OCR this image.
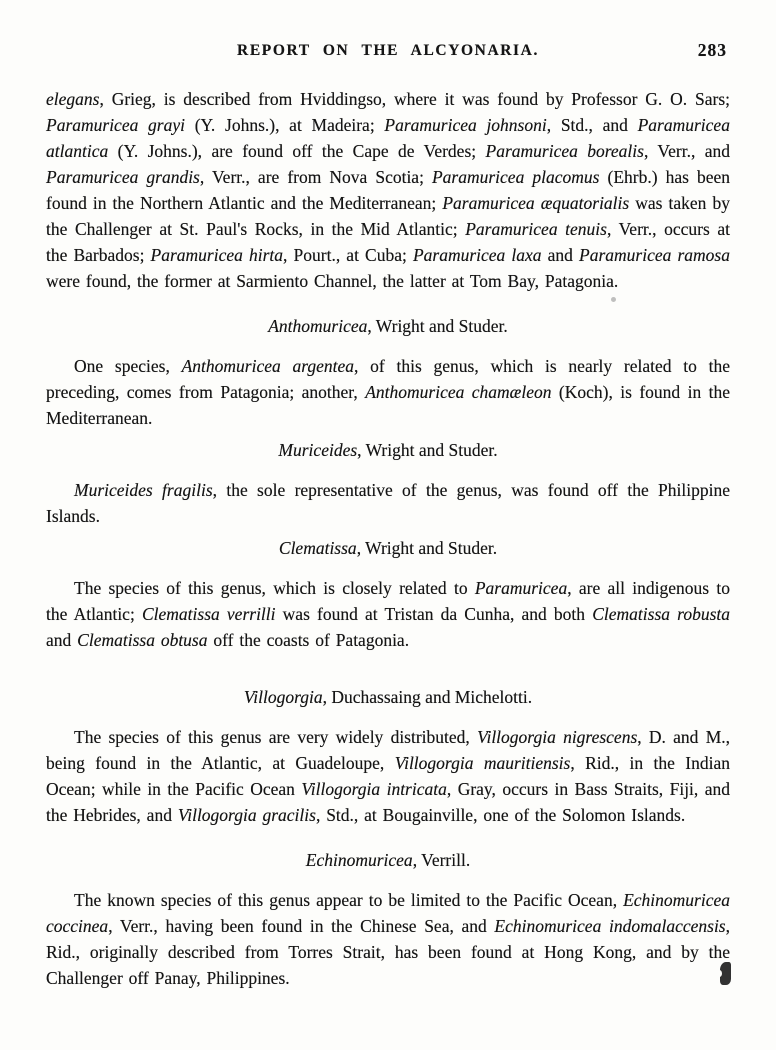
REPORT ON THE ALCYONARIA.	283

elegans, Grieg, is described from Hviddingso, where it was found by Professor G. O. Sars; Paramuricea grayi (Y. Johns.), at Madeira; Paramuricea johnsoni, Std., and Paramuricea atlantica (Y. Johns.), are found off the Cape de Verdes; Paramuricea borealis, Verr., and Paramuricea grandis, Verr., are from Nova Scotia; Paramuricea placomus (Ehrb.) has been found in the Northern Atlantic and the Mediterranean; Paramuricea æquatorialis was taken by the Challenger at St. Paul's Rocks, in the Mid Atlantic; Paramuricea tenuis, Verr., occurs at the Barbados; Paramuricea hirta, Pourt., at Cuba; Paramuricea laxa and Paramuricea ramosa were found, the former at Sarmiento Channel, the latter at Tom Bay, Patagonia.

Anthomuricea, Wright and Studer.

One species, Anthomuricea argentea, of this genus, which is nearly related to the preceding, comes from Patagonia; another, Anthomuricea chamæleon (Koch), is found in the Mediterranean.

Muriceides, Wright and Studer.

Muriceides fragilis, the sole representative of the genus, was found off the Philippine Islands.

Clematissa, Wright and Studer.

The species of this genus, which is closely related to Paramuricea, are all indigenous to the Atlantic; Clematissa verrilli was found at Tristan da Cunha, and both Clematissa robusta and Clematissa obtusa off the coasts of Patagonia.

Villogorgia, Duchassaing and Michelotti.

The species of this genus are very widely distributed, Villogorgia nigrescens, D. and M., being found in the Atlantic, at Guadeloupe, Villogorgia mauritiensis, Rid., in the Indian Ocean; while in the Pacific Ocean Villogorgia intricata, Gray, occurs in Bass Straits, Fiji, and the Hebrides, and Villogorgia gracilis, Std., at Bougainville, one of the Solomon Islands.

Echinomuricea, Verrill.

The known species of this genus appear to be limited to the Pacific Ocean, Echinomuricea coccinea, Verr., having been found in the Chinese Sea, and Echinomuricea indomalaccensis, Rid., originally described from Torres Strait, has been found at Hong Kong, and by the Challenger off Panay, Philippines.
